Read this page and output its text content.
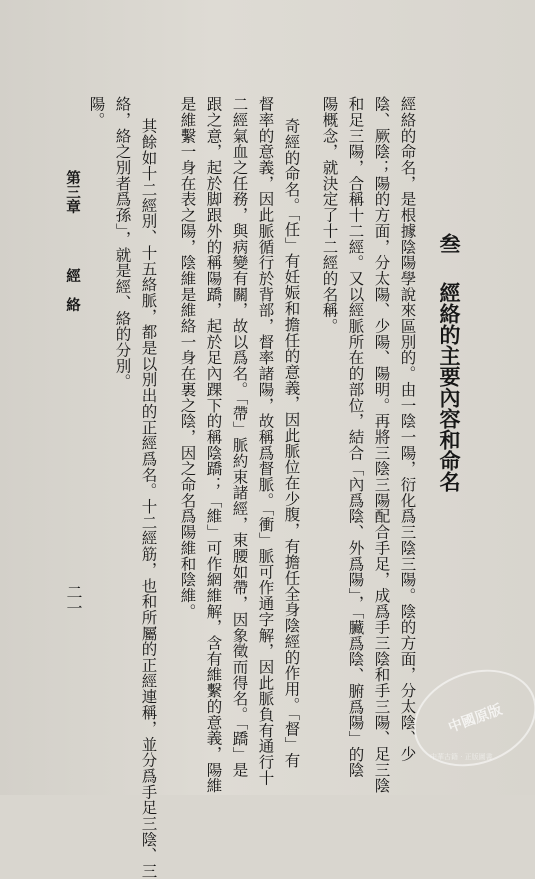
叁
經絡的主要內容和命名
經絡的命名，是根據陰陽學說來區別的。由一陰一陽，衍化爲三陰三陽。陰的方面，分太陰、少
陰、厥陰；陽的方面，分太陽、少陽、陽明。再將三陰三陽配合手足，成爲手三陰和手三陽、足三陰
和足三陽，合稱十二經。又以經脈所在的部位，結合「內爲陰、外爲陽」，「臟爲陰、腑爲陽」的陰
陽概念，就決定了十二經的名稱。
奇經的命名。「任」有妊娠和擔任的意義，因此脈位在少腹，有擔任全身陰經的作用。「督」有
督率的意義，因此脈循行於背部，督率諸陽，故稱爲督脈。「衝」脈可作通字解，因此脈負有通行十
二經氣血之任務，與病變有關，故以爲名。「帶」脈約束諸經，束腰如帶，因象徵而得名。「蹻」是
跟之意，起於脚跟外的稱陽蹻，起於足內踝下的稱陰蹻；「維」可作網維解，含有維繫的意義，陽維
是維繫一身在表之陽，陰維是維絡一身在裏之陰，因之命名爲陽維和陰維。
其餘如十二經別、十五絡脈，都是以別出的正經爲名。十二經筋，也和所屬的正經連稱，並分爲手足三陰、三
絡，絡之別者爲孫」，就是經、絡的分別。
陽。
第三章經　絡
二一
中國原版
中華古籍 · 正版圖書
